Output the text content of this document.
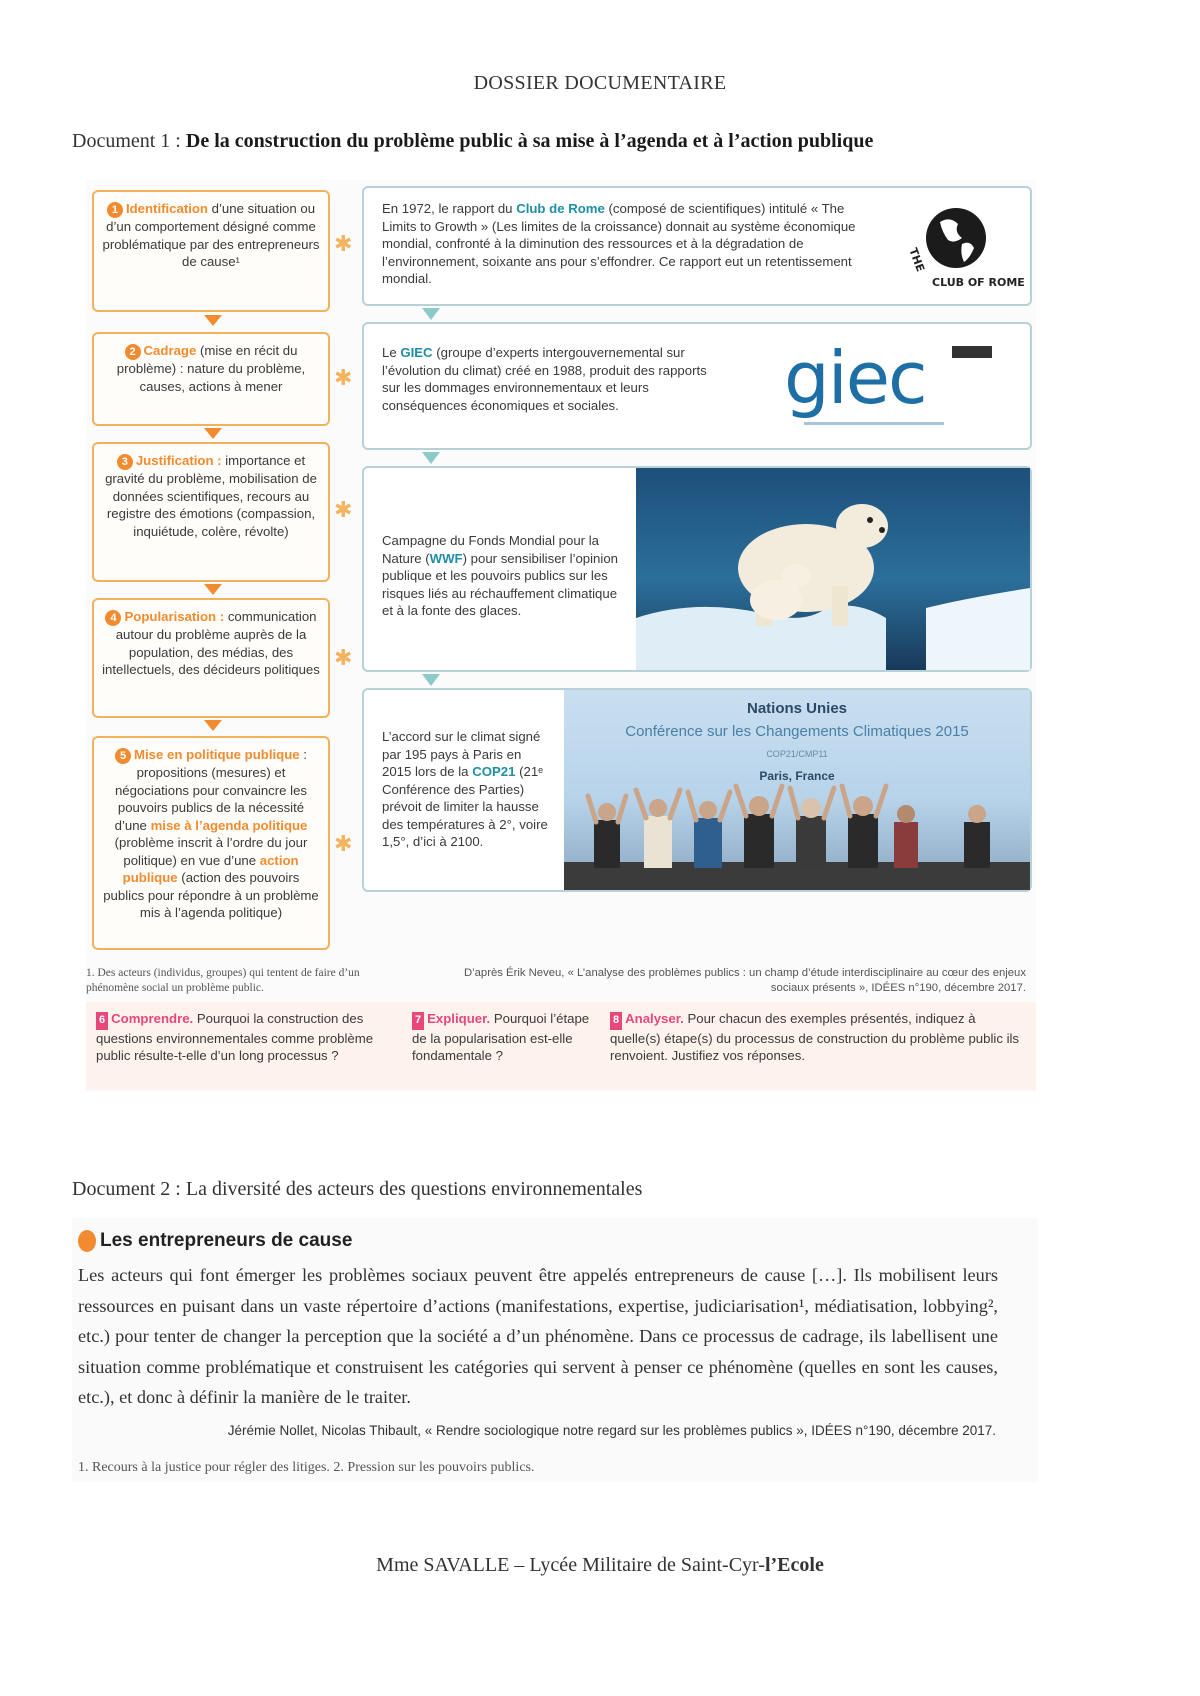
DOSSIER DOCUMENTAIRE
Document 1 : De la construction du problème public à sa mise à l’agenda et à l’action publique
1 Identification d’une situation ou d’un comportement désigné comme problématique par des entrepreneurs de cause¹
2 Cadrage (mise en récit du problème) : nature du problème, causes, actions à mener
3 Justification : importance et gravité du problème, mobilisation de données scientifiques, recours au registre des émotions (compassion, inquiétude, colère, révolte)
4 Popularisation : communication autour du problème auprès de la population, des médias, des intellectuels, des décideurs politiques
5 Mise en politique publique : propositions (mesures) et négociations pour convaincre les pouvoirs publics de la nécessité d’une mise à l’agenda politique (problème inscrit à l’ordre du jour politique) en vue d’une action publique (action des pouvoirs publics pour répondre à un problème mis à l’agenda politique)
✱
✱
✱
✱
✱
En 1972, le rapport du Club de Rome (composé de scientifiques) intitulé « The Limits to Growth » (Les limites de la croissance) donnait au système économique mondial, confronté à la diminution des ressources et à la dégradation de l’environnement, soixante ans pour s’effondrer. Ce rapport eut un retentissement mondial.
THE
CLUB OF ROME
Le GIEC (groupe d’experts intergouvernemental sur l’évolution du climat) créé en 1988, produit des rapports sur les dommages environnementaux et leurs conséquences économiques et sociales.	giec
Campagne du Fonds Mondial pour la Nature (WWF) pour sensibiliser l’opinion publique et les pouvoirs publics sur les risques liés au réchauffement climatique et à la fonte des glaces.
L’accord sur le climat signé par 195 pays à Paris en 2015 lors de la COP21 (21ᵉ Conférence des Parties) prévoit de limiter la hausse des températures à 2°, voire 1,5°, d’ici à 2100.
Nations Unies
Conférence sur les Changements Climatiques 2015
COP21/CMP11
Paris, France
1. Des acteurs (individus, groupes) qui tentent de faire d’un phénomène social un problème public.
D’après Érik Neveu, « L’analyse des problèmes publics : un champ d’étude interdisciplinaire au cœur des enjeux sociaux présents », IDÉES n°190, décembre 2017.
6 Comprendre. Pourquoi la construction des questions environnementales comme problème public résulte-t-elle d’un long processus ?
7 Expliquer. Pourquoi l’étape de la popularisation est-elle fondamentale ?
8 Analyser. Pour chacun des exemples présentés, indiquez à quelle(s) étape(s) du processus de construction du problème public ils renvoient. Justifiez vos réponses.
Document 2 : La diversité des acteurs des questions environnementales
Les entrepreneurs de cause
Les acteurs qui font émerger les problèmes sociaux peuvent être appelés entrepreneurs de cause […]. Ils mobilisent leurs ressources en puisant dans un vaste répertoire d’actions (manifestations, expertise, judiciarisation¹, médiatisation, lobbying², etc.) pour tenter de changer la perception que la société a d’un phénomène. Dans ce processus de cadrage, ils labellisent une situation comme problématique et construisent les catégories qui servent à penser ce phénomène (quelles en sont les causes, etc.), et donc à définir la manière de le traiter.
Jérémie Nollet, Nicolas Thibault, « Rendre sociologique notre regard sur les problèmes publics », IDÉES n°190, décembre 2017.
1. Recours à la justice pour régler des litiges. 2. Pression sur les pouvoirs publics.
Mme SAVALLE – Lycée Militaire de Saint-Cyr-l’Ecole
